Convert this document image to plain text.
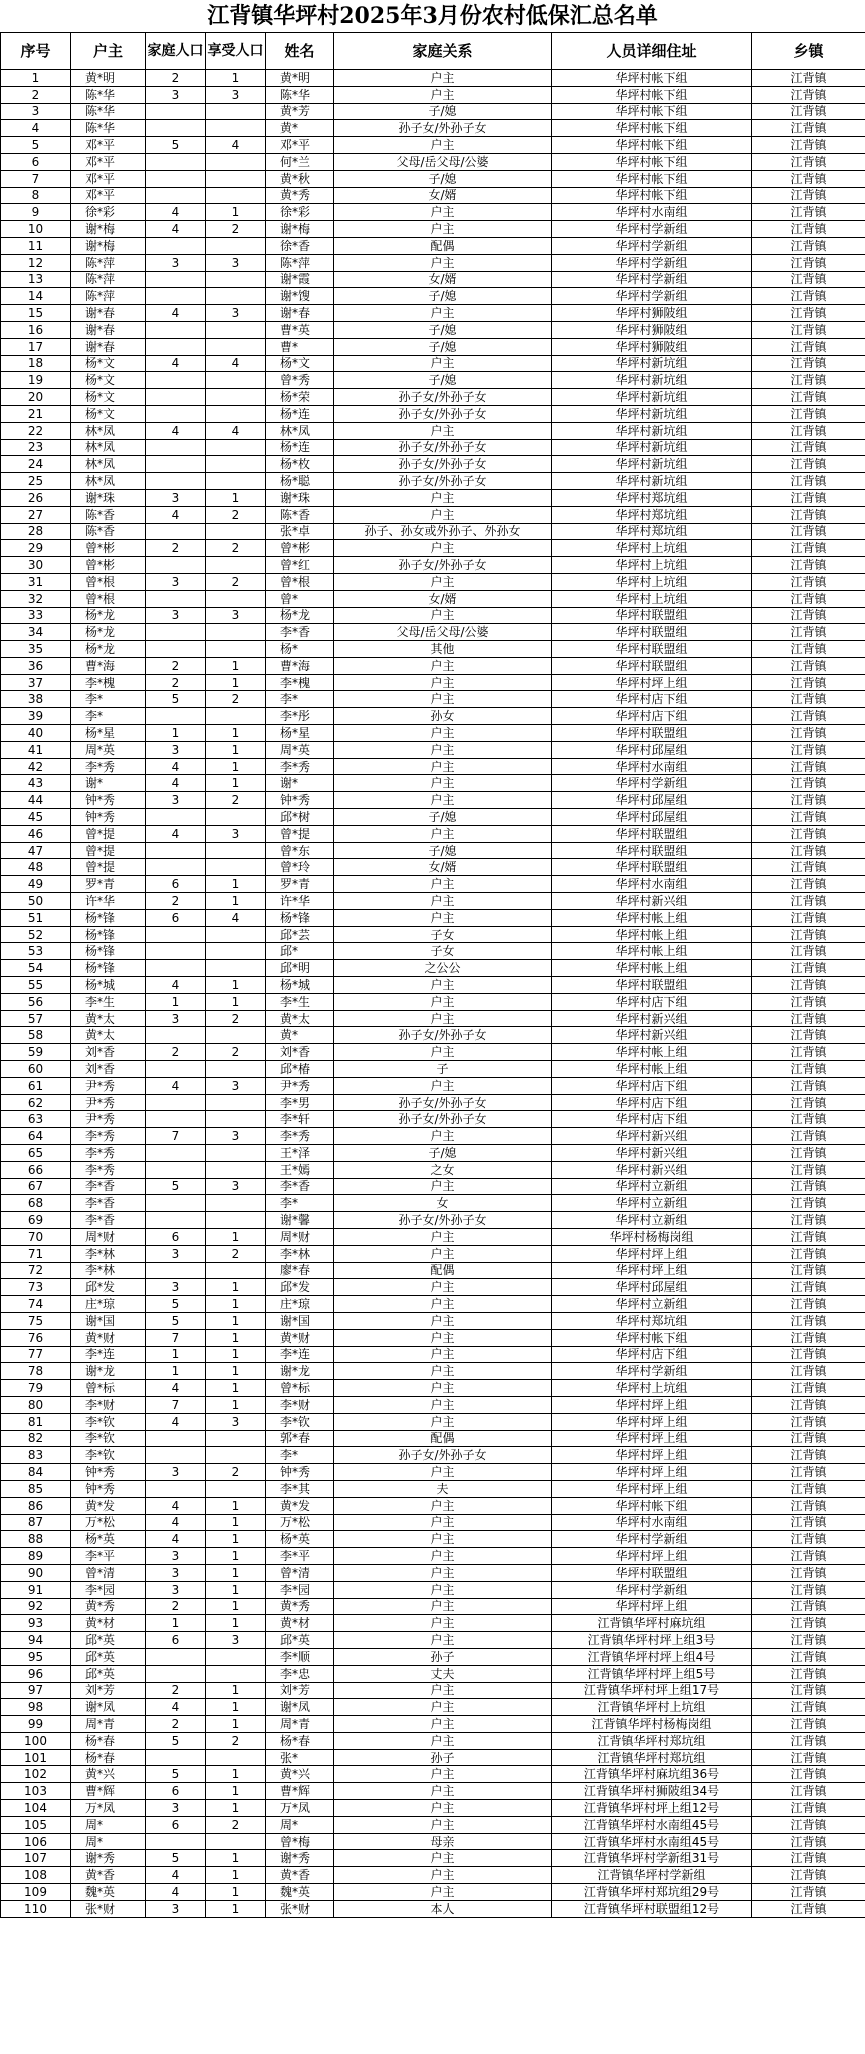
江背镇华坪村2025年3月份农村低保汇总名单
序号	户主	家庭人口	享受人口	姓名	家庭关系	人员详细住址	乡镇
1	黄*明	2	1	黄*明	户主	华坪村帐下组	江背镇
2	陈*华	3	3	陈*华	户主	华坪村帐下组	江背镇
3	陈*华			黄*芳	子/媳	华坪村帐下组	江背镇
4	陈*华			黄*	孙子女/外孙子女	华坪村帐下组	江背镇
5	邓*平	5	4	邓*平	户主	华坪村帐下组	江背镇
6	邓*平			何*兰	父母/岳父母/公婆	华坪村帐下组	江背镇
7	邓*平			黄*秋	子/媳	华坪村帐下组	江背镇
8	邓*平			黄*秀	女/婿	华坪村帐下组	江背镇
9	徐*彩	4	1	徐*彩	户主	华坪村水南组	江背镇
10	谢*梅	4	2	谢*梅	户主	华坪村学新组	江背镇
11	谢*梅			徐*香	配偶	华坪村学新组	江背镇
12	陈*萍	3	3	陈*萍	户主	华坪村学新组	江背镇
13	陈*萍			谢*霞	女/婿	华坪村学新组	江背镇
14	陈*萍			谢*馊	子/媳	华坪村学新组	江背镇
15	谢*春	4	3	谢*春	户主	华坪村狮陂组	江背镇
16	谢*春			曹*英	子/媳	华坪村狮陂组	江背镇
17	谢*春			曹*	子/媳	华坪村狮陂组	江背镇
18	杨*文	4	4	杨*文	户主	华坪村新坑组	江背镇
19	杨*文			曾*秀	子/媳	华坪村新坑组	江背镇
20	杨*文			杨*荣	孙子女/外孙子女	华坪村新坑组	江背镇
21	杨*文			杨*连	孙子女/外孙子女	华坪村新坑组	江背镇
22	林*凤	4	4	林*凤	户主	华坪村新坑组	江背镇
23	林*凤			杨*连	孙子女/外孙子女	华坪村新坑组	江背镇
24	林*凤			杨*枚	孙子女/外孙子女	华坪村新坑组	江背镇
25	林*凤			杨*聪	孙子女/外孙子女	华坪村新坑组	江背镇
26	谢*珠	3	1	谢*珠	户主	华坪村郑坑组	江背镇
27	陈*香	4	2	陈*香	户主	华坪村郑坑组	江背镇
28	陈*香			张*卓	孙子、孙女或外孙子、外孙女	华坪村郑坑组	江背镇
29	曾*彬	2	2	曾*彬	户主	华坪村上坑组	江背镇
30	曾*彬			曾*红	孙子女/外孙子女	华坪村上坑组	江背镇
31	曾*根	3	2	曾*根	户主	华坪村上坑组	江背镇
32	曾*根			曾*	女/婿	华坪村上坑组	江背镇
33	杨*龙	3	3	杨*龙	户主	华坪村联盟组	江背镇
34	杨*龙			李*香	父母/岳父母/公婆	华坪村联盟组	江背镇
35	杨*龙			杨*	其他	华坪村联盟组	江背镇
36	曹*海	2	1	曹*海	户主	华坪村联盟组	江背镇
37	李*槐	2	1	李*槐	户主	华坪村坪上组	江背镇
38	李*	5	2	李*	户主	华坪村店下组	江背镇
39	李*			李*彤	孙女	华坪村店下组	江背镇
40	杨*星	1	1	杨*星	户主	华坪村联盟组	江背镇
41	周*英	3	1	周*英	户主	华坪村邱屋组	江背镇
42	李*秀	4	1	李*秀	户主	华坪村水南组	江背镇
43	谢*	4	1	谢*	户主	华坪村学新组	江背镇
44	钟*秀	3	2	钟*秀	户主	华坪村邱屋组	江背镇
45	钟*秀			邱*树	子/媳	华坪村邱屋组	江背镇
46	曾*提	4	3	曾*提	户主	华坪村联盟组	江背镇
47	曾*提			曾*东	子/媳	华坪村联盟组	江背镇
48	曾*提			曾*玲	女/婿	华坪村联盟组	江背镇
49	罗*青	6	1	罗*青	户主	华坪村水南组	江背镇
50	许*华	2	1	许*华	户主	华坪村新兴组	江背镇
51	杨*锋	6	4	杨*锋	户主	华坪村帐上组	江背镇
52	杨*锋			邱*芸	子女	华坪村帐上组	江背镇
53	杨*锋			邱*	子女	华坪村帐上组	江背镇
54	杨*锋			邱*明	之公公	华坪村帐上组	江背镇
55	杨*城	4	1	杨*城	户主	华坪村联盟组	江背镇
56	李*生	1	1	李*生	户主	华坪村店下组	江背镇
57	黄*太	3	2	黄*太	户主	华坪村新兴组	江背镇
58	黄*太			黄*	孙子女/外孙子女	华坪村新兴组	江背镇
59	刘*香	2	2	刘*香	户主	华坪村帐上组	江背镇
60	刘*香			邱*椿	子	华坪村帐上组	江背镇
61	尹*秀	4	3	尹*秀	户主	华坪村店下组	江背镇
62	尹*秀			李*男	孙子女/外孙子女	华坪村店下组	江背镇
63	尹*秀			李*轩	孙子女/外孙子女	华坪村店下组	江背镇
64	李*秀	7	3	李*秀	户主	华坪村新兴组	江背镇
65	李*秀			王*泽	子/媳	华坪村新兴组	江背镇
66	李*秀			王*嫣	之女	华坪村新兴组	江背镇
67	李*香	5	3	李*香	户主	华坪村立新组	江背镇
68	李*香			李*	女	华坪村立新组	江背镇
69	李*香			谢*馨	孙子女/外孙子女	华坪村立新组	江背镇
70	周*财	6	1	周*财	户主	华坪村杨梅岗组	江背镇
71	李*林	3	2	李*林	户主	华坪村坪上组	江背镇
72	李*林			廖*春	配偶	华坪村坪上组	江背镇
73	邱*发	3	1	邱*发	户主	华坪村邱屋组	江背镇
74	庄*琼	5	1	庄*琼	户主	华坪村立新组	江背镇
75	谢*国	5	1	谢*国	户主	华坪村郑坑组	江背镇
76	黄*财	7	1	黄*财	户主	华坪村帐下组	江背镇
77	李*连	1	1	李*连	户主	华坪村店下组	江背镇
78	谢*龙	1	1	谢*龙	户主	华坪村学新组	江背镇
79	曾*标	4	1	曾*标	户主	华坪村上坑组	江背镇
80	李*财	7	1	李*财	户主	华坪村坪上组	江背镇
81	李*钦	4	3	李*钦	户主	华坪村坪上组	江背镇
82	李*钦			郭*春	配偶	华坪村坪上组	江背镇
83	李*钦			李*	孙子女/外孙子女	华坪村坪上组	江背镇
84	钟*秀	3	2	钟*秀	户主	华坪村坪上组	江背镇
85	钟*秀			李*其	夫	华坪村坪上组	江背镇
86	黄*发	4	1	黄*发	户主	华坪村帐下组	江背镇
87	万*松	4	1	万*松	户主	华坪村水南组	江背镇
88	杨*英	4	1	杨*英	户主	华坪村学新组	江背镇
89	李*平	3	1	李*平	户主	华坪村坪上组	江背镇
90	曾*清	3	1	曾*清	户主	华坪村联盟组	江背镇
91	李*园	3	1	李*园	户主	华坪村学新组	江背镇
92	黄*秀	2	1	黄*秀	户主	华坪村坪上组	江背镇
93	黄*材	1	1	黄*材	户主	江背镇华坪村麻坑组	江背镇
94	邱*英	6	3	邱*英	户主	江背镇华坪村坪上组3号	江背镇
95	邱*英			李*顺	孙子	江背镇华坪村坪上组4号	江背镇
96	邱*英			李*忠	丈夫	江背镇华坪村坪上组5号	江背镇
97	刘*芳	2	1	刘*芳	户主	江背镇华坪村坪上组17号	江背镇
98	谢*凤	4	1	谢*凤	户主	江背镇华坪村上坑组	江背镇
99	周*青	2	1	周*青	户主	江背镇华坪村杨梅岗组	江背镇
100	杨*春	5	2	杨*春	户主	江背镇华坪村郑坑组	江背镇
101	杨*春			张*	孙子	江背镇华坪村郑坑组	江背镇
102	黄*兴	5	1	黄*兴	户主	江背镇华坪村麻坑组36号	江背镇
103	曹*辉	6	1	曹*辉	户主	江背镇华坪村狮陂组34号	江背镇
104	万*凤	3	1	万*凤	户主	江背镇华坪村坪上组12号	江背镇
105	周*	6	2	周*	户主	江背镇华坪村水南组45号	江背镇
106	周*			曾*梅	母亲	江背镇华坪村水南组45号	江背镇
107	谢*秀	5	1	谢*秀	户主	江背镇华坪村学新组31号	江背镇
108	黄*香	4	1	黄*香	户主	江背镇华坪村学新组	江背镇
109	魏*英	4	1	魏*英	户主	江背镇华坪村郑坑组29号	江背镇
110	张*财	3	1	张*财	本人	江背镇华坪村联盟组12号	江背镇
